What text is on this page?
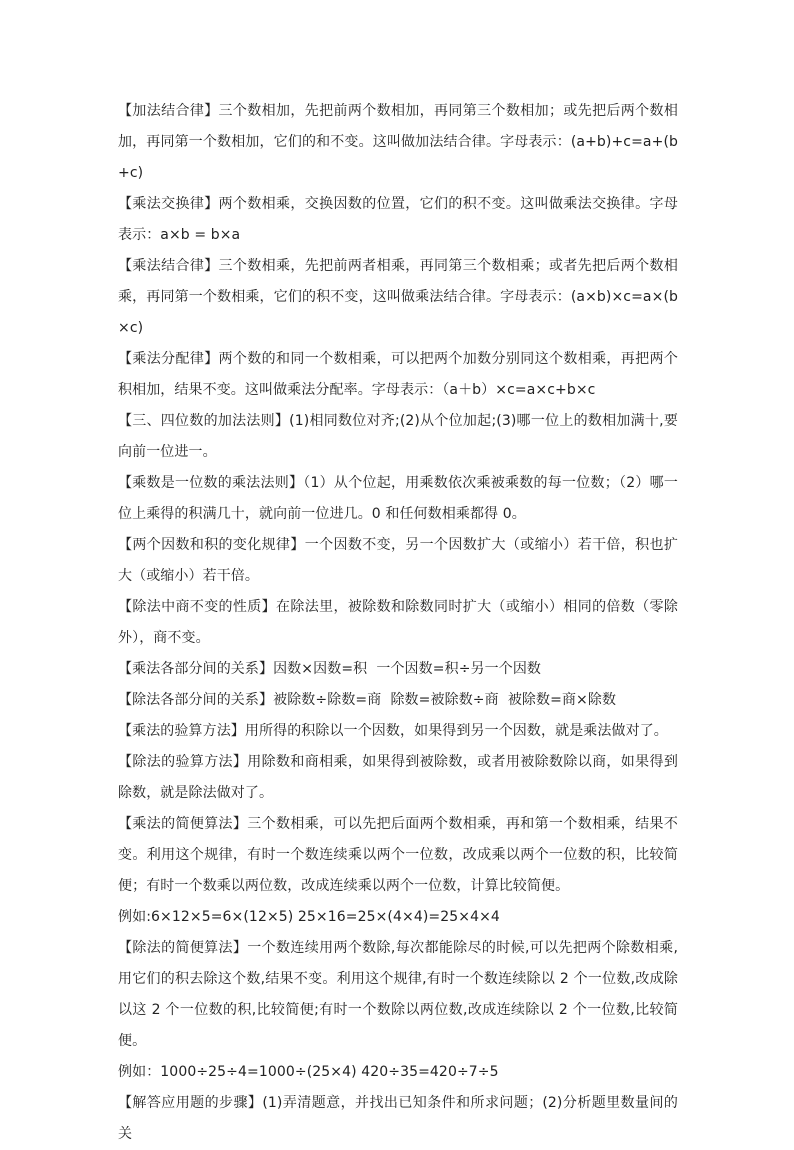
【加法结合律】三个数相加，先把前两个数相加，再同第三个数相加；或先把后两个数相加，再同第一个数相加，它们的和不变。这叫做加法结合律。字母表示：(a+b)+c=a+(b+c)

【乘法交换律】两个数相乘，交换因数的位置，它们的积不变。这叫做乘法交换律。字母表示：a×b = b×a

【乘法结合律】三个数相乘，先把前两者相乘，再同第三个数相乘；或者先把后两个数相乘，再同第一个数相乘，它们的积不变，这叫做乘法结合律。字母表示：(a×b)×c=a×(b×c)

【乘法分配律】两个数的和同一个数相乘，可以把两个加数分别同这个数相乘，再把两个积相加，结果不变。这叫做乘法分配率。字母表示：（a＋b）×c=a×c+b×c

【三、四位数的加法法则】(1)相同数位对齐;(2)从个位加起;(3)哪一位上的数相加满十,要向前一位进一。

【乘数是一位数的乘法法则】（1）从个位起，用乘数依次乘被乘数的每一位数；（2）哪一位上乘得的积满几十，就向前一位进几。0 和任何数相乘都得 0。

【两个因数和积的变化规律】一个因数不变，另一个因数扩大（或缩小）若干倍，积也扩大（或缩小）若干倍。

【除法中商不变的性质】在除法里，被除数和除数同时扩大（或缩小）相同的倍数（零除外），商不变。

【乘法各部分间的关系】因数×因数=积  一个因数=积÷另一个因数

【除法各部分间的关系】被除数÷除数=商  除数=被除数÷商  被除数=商×除数

【乘法的验算方法】用所得的积除以一个因数，如果得到另一个因数，就是乘法做对了。

【除法的验算方法】用除数和商相乘，如果得到被除数，或者用被除数除以商，如果得到除数，就是除法做对了。

【乘法的简便算法】三个数相乘，可以先把后面两个数相乘，再和第一个数相乘，结果不变。利用这个规律，有时一个数连续乘以两个一位数，改成乘以两个一位数的积，比较简便；有时一个数乘以两位数，改成连续乘以两个一位数，计算比较简便。

例如:6×12×5=6×(12×5) 25×16=25×(4×4)=25×4×4

【除法的简便算法】一个数连续用两个数除,每次都能除尽的时候,可以先把两个除数相乘,用它们的积去除这个数,结果不变。利用这个规律,有时一个数连续除以 2 个一位数,改成除以这 2 个一位数的积,比较简便;有时一个数除以两位数,改成连续除以 2 个一位数,比较简便。

例如：1000÷25÷4=1000÷(25×4) 420÷35=420÷7÷5

【解答应用题的步骤】(1)弄清题意，并找出已知条件和所求问题；(2)分析题里数量间的关
